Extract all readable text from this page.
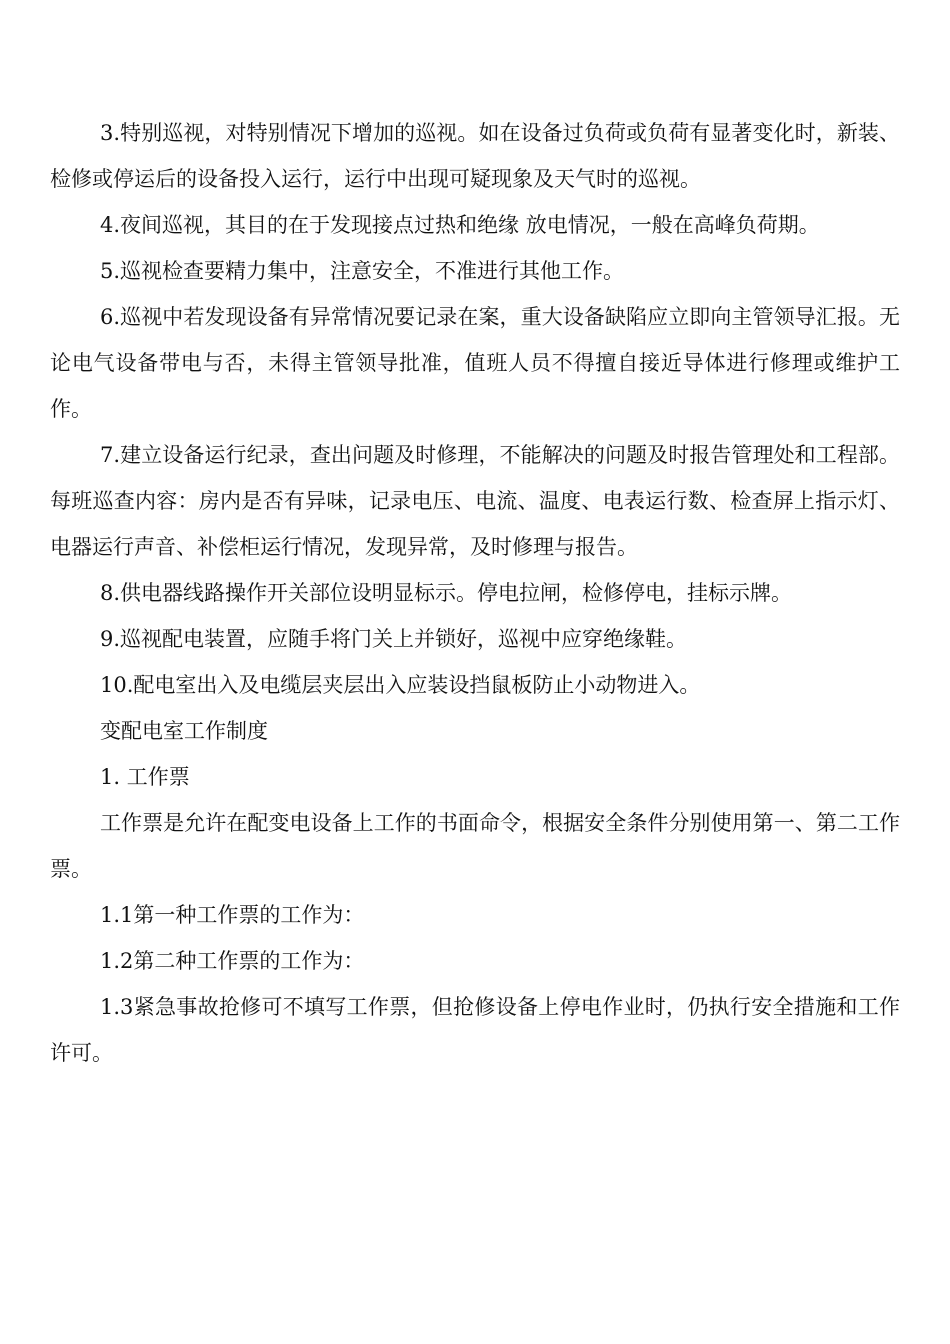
3.特别巡视，对特别情况下增加的巡视。如在设备过负荷或负荷有显著变化时，新装、检修或停运后的设备投入运行，运行中出现可疑现象及天气时的巡视。

4.夜间巡视，其目的在于发现接点过热和绝缘 放电情况，一般在高峰负荷期。

5.巡视检查要精力集中，注意安全，不准进行其他工作。

6.巡视中若发现设备有异常情况要记录在案，重大设备缺陷应立即向主管领导汇报。无论电气设备带电与否，未得主管领导批准，值班人员不得擅自接近导体进行修理或维护工作。

7.建立设备运行纪录，查出问题及时修理，不能解决的问题及时报告管理处和工程部。每班巡查内容：房内是否有异味，记录电压、电流、温度、电表运行数、检查屏上指示灯、电器运行声音、补偿柜运行情况，发现异常，及时修理与报告。

8.供电器线路操作开关部位设明显标示。停电拉闸，检修停电，挂标示牌。

9.巡视配电装置，应随手将门关上并锁好，巡视中应穿绝缘鞋。

10.配电室出入及电缆层夹层出入应装设挡鼠板防止小动物进入。

变配电室工作制度

1. 工作票

工作票是允许在配变电设备上工作的书面命令，根据安全条件分别使用第一、第二工作票。

1.1第一种工作票的工作为：

1.2第二种工作票的工作为：

1.3紧急事故抢修可不填写工作票，但抢修设备上停电作业时，仍执行安全措施和工作许可。
